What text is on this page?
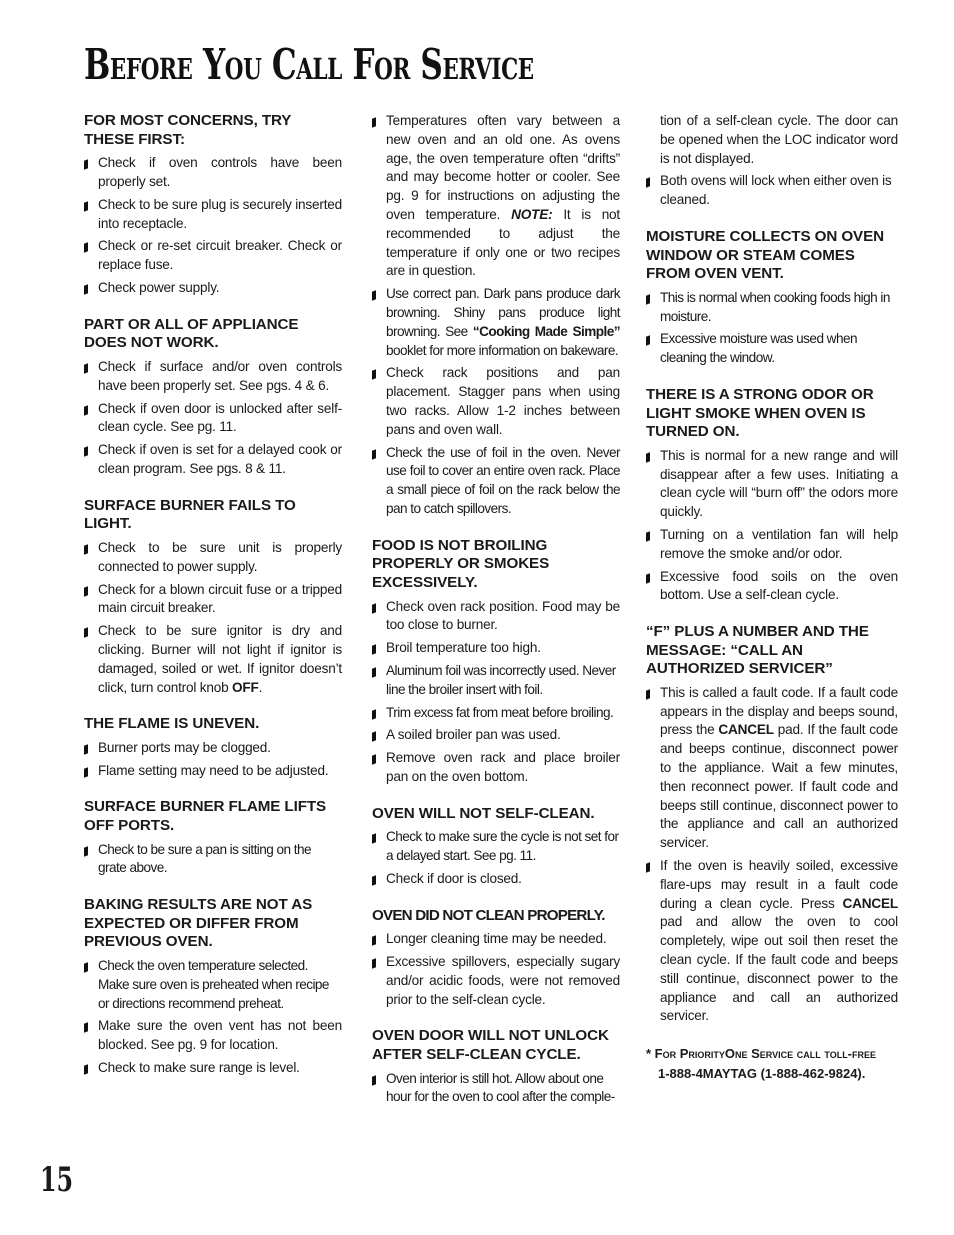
Before You Call For Service
FOR MOST CONCERNS, TRY THESE FIRST:
Check if oven controls have been properly set.
Check to be sure plug is securely inserted into receptacle.
Check or re-set circuit breaker. Check or replace fuse.
Check power supply.
PART OR ALL OF APPLIANCE DOES NOT WORK.
Check if surface and/or oven controls have been properly set. See pgs. 4 & 6.
Check if oven door is unlocked after self-clean cycle. See pg. 11.
Check if oven is set for a delayed cook or clean program. See pgs. 8 & 11.
SURFACE BURNER FAILS TO LIGHT.
Check to be sure unit is properly connected to power supply.
Check for a blown circuit fuse or a tripped main circuit breaker.
Check to be sure ignitor is dry and clicking. Burner will not light if ignitor is damaged, soiled or wet. If ignitor doesn’t click, turn control knob OFF.
THE FLAME IS UNEVEN.
Burner ports may be clogged.
Flame setting may need to be adjusted.
SURFACE BURNER FLAME LIFTS OFF PORTS.
Check to be sure a pan is sitting on the grate above.
BAKING RESULTS ARE NOT AS EXPECTED OR DIFFER FROM PREVIOUS OVEN.
Check the oven temperature selected. Make sure oven is preheated when recipe or directions recommend preheat.
Make sure the oven vent has not been blocked. See pg. 9 for location.
Check to make sure range is level.
Temperatures often vary between a new oven and an old one. As ovens age, the oven temperature often “drifts” and may become hotter or cooler. See pg. 9 for instructions on adjusting the oven temperature. NOTE: It is not recommended to adjust the temperature if only one or two recipes are in question.
Use correct pan. Dark pans produce dark browning. Shiny pans produce light browning. See “Cooking Made Simple” booklet for more information on bakeware.
Check rack positions and pan placement. Stagger pans when using two racks. Allow 1-2 inches between pans and oven wall.
Check the use of foil in the oven. Never use foil to cover an entire oven rack. Place a small piece of foil on the rack below the pan to catch spillovers.
FOOD IS NOT BROILING PROPERLY OR SMOKES EXCESSIVELY.
Check oven rack position. Food may be too close to burner.
Broil temperature too high.
Aluminum foil was incorrectly used. Never line the broiler insert with foil.
Trim excess fat from meat before broiling.
A soiled broiler pan was used.
Remove oven rack and place broiler pan on the oven bottom.
OVEN WILL NOT SELF-CLEAN.
Check to make sure the cycle is not set for a delayed start. See pg. 11.
Check if door is closed.
OVEN DID NOT CLEAN PROPERLY.
Longer cleaning time may be needed.
Excessive spillovers, especially sugary and/or acidic foods, were not removed prior to the self-clean cycle.
OVEN DOOR WILL NOT UNLOCK AFTER SELF-CLEAN CYCLE.
Oven interior is still hot. Allow about one hour for the oven to cool after the comple-
tion of a self-clean cycle. The door can be opened when the LOC indicator word is not displayed.
Both ovens will lock when either oven is cleaned.
MOISTURE COLLECTS ON OVEN WINDOW OR STEAM COMES FROM OVEN VENT.
This is normal when cooking foods high in moisture.
Excessive moisture was used when cleaning the window.
THERE IS A STRONG ODOR OR LIGHT SMOKE WHEN OVEN IS TURNED ON.
This is normal for a new range and will disappear after a few uses. Initiating a clean cycle will “burn off” the odors more quickly.
Turning on a ventilation fan will help remove the smoke and/or odor.
Excessive food soils on the oven bottom. Use a self-clean cycle.
“F” PLUS A NUMBER AND THE MESSAGE: “CALL AN AUTHORIZED SERVICER”
This is called a fault code. If a fault code appears in the display and beeps sound, press the CANCEL pad. If the fault code and beeps continue, disconnect power to the appliance. Wait a few minutes, then reconnect power. If fault code and beeps still continue, disconnect power to the appliance and call an authorized servicer.
If the oven is heavily soiled, excessive flare-ups may result in a fault code during a clean cycle. Press CANCEL pad and allow the oven to cool completely, wipe out soil then reset the clean cycle. If the fault code and beeps still continue, disconnect power to the appliance and call an authorized servicer.
* For PriorityOne Service call toll-free
1-888-4MAYTAG (1-888-462-9824).
15
